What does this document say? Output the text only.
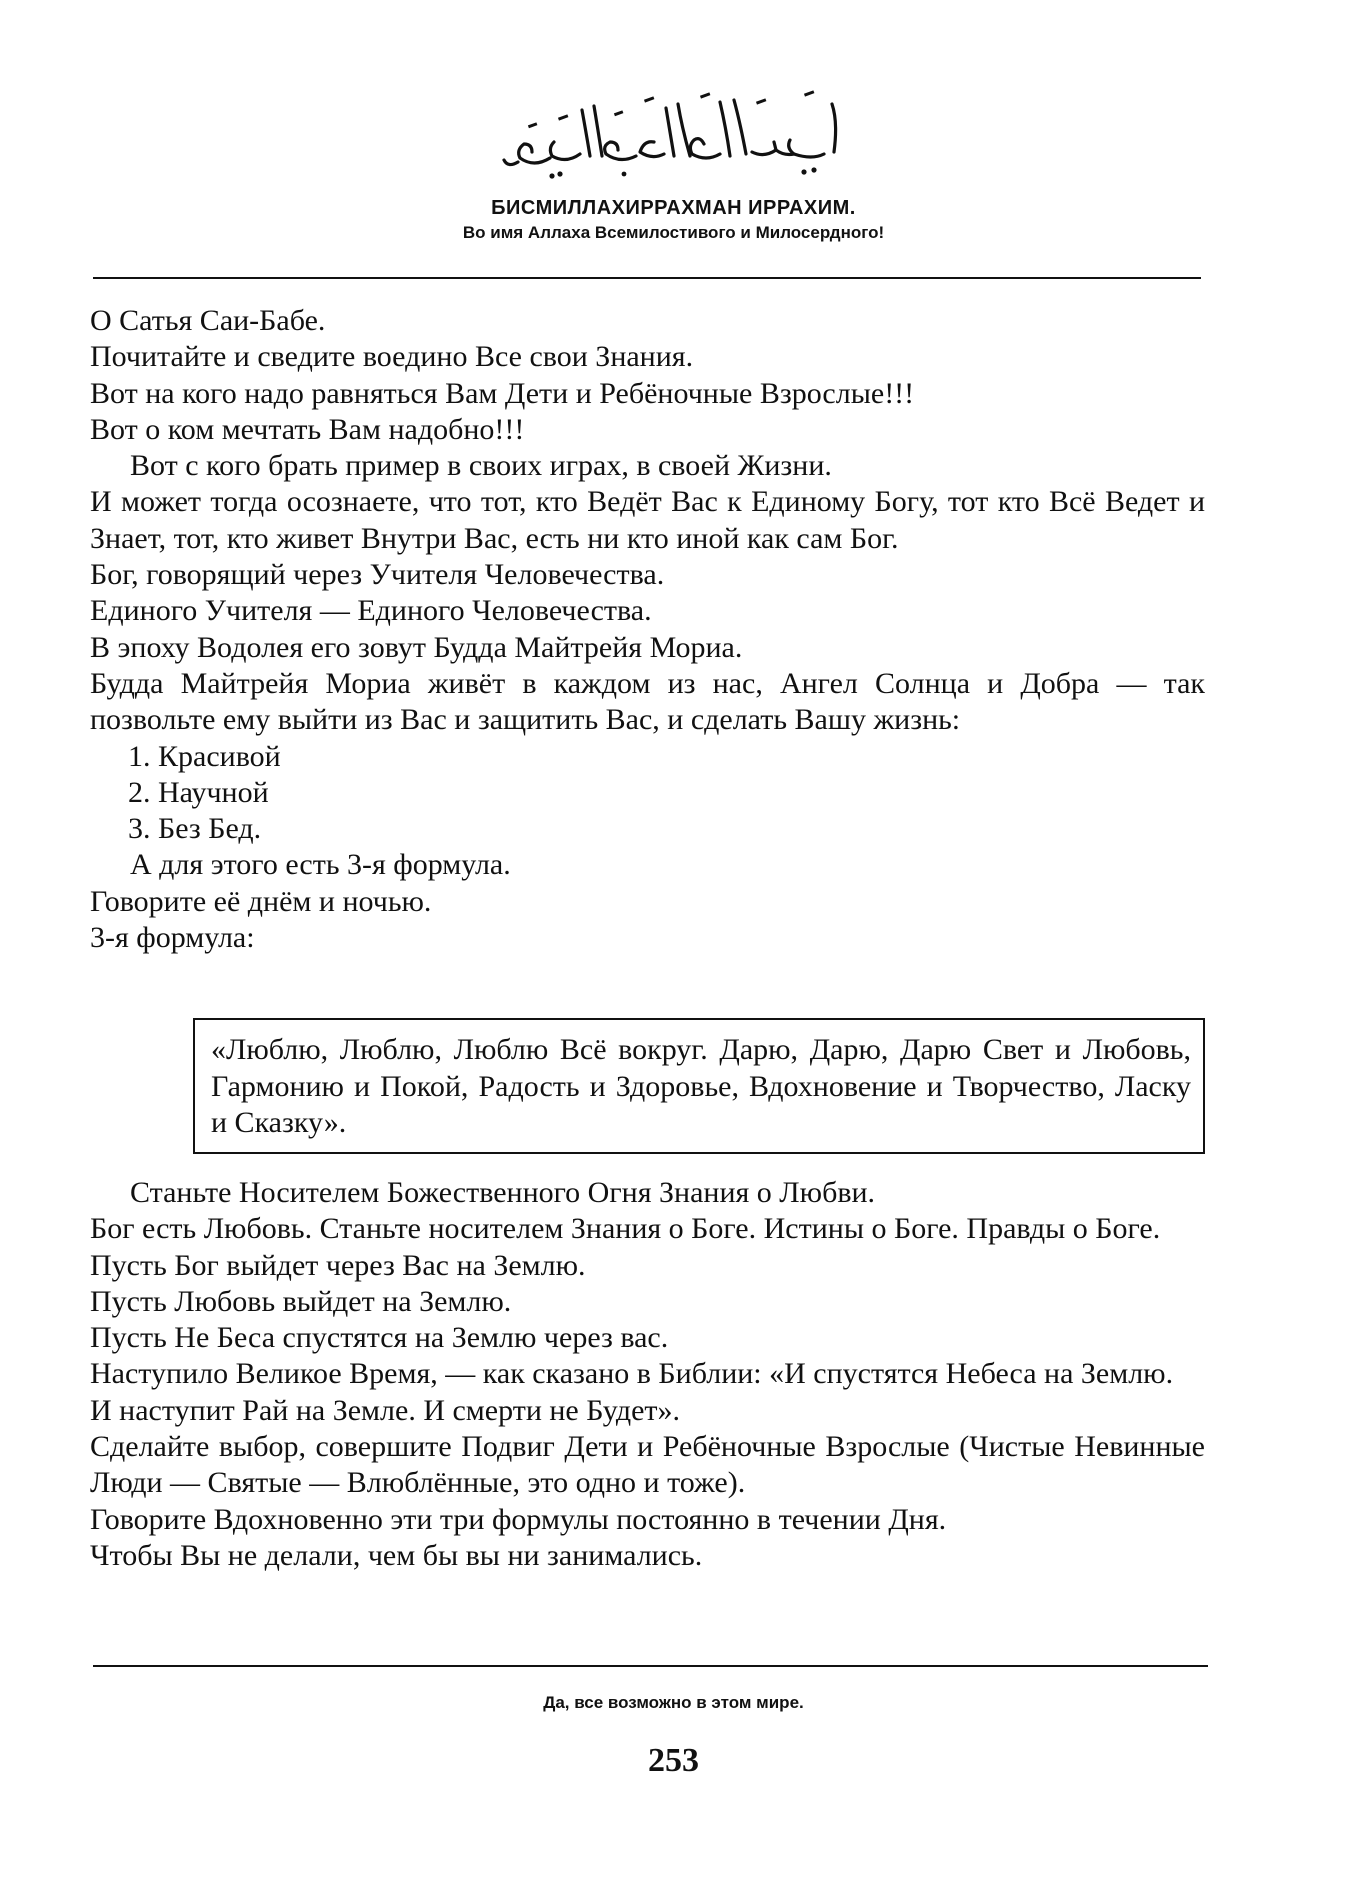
БИСМИЛЛАХИРРАХМАН ИРРАХИМ.
Во имя Аллаха Всемилостивого и Милосердного!

О Сатья Саи-Бабе.

Почитайте и сведите воедино Все свои Знания.

Вот на кого надо равняться Вам Дети и Ребёночные Взрослые!!!

Вот о ком мечтать Вам надобно!!!

Вот с кого брать пример в своих играх, в своей Жизни.

И может тогда осознаете, что тот, кто Ведёт Вас к Единому Богу, тот кто Всё Ведет и Знает, тот, кто живет Внутри Вас, есть ни кто иной как сам Бог.

Бог, говорящий через Учителя Человечества.

Единого Учителя — Единого Человечества.

В эпоху Водолея его зовут Будда Майтрейя Мориа.

Будда Майтрейя Мориа живёт в каждом из нас, Ангел Солнца и Добра — так позвольте ему выйти из Вас и защитить Вас, и сделать Вашу жизнь:

1. Красивой
2. Научной
3. Без Бед.

А для этого есть 3-я формула.

Говорите её днём и ночью.

3-я формула:

«Люблю, Люблю, Люблю Всё вокруг. Дарю, Дарю, Дарю Свет и Любовь, Гармонию и Покой, Радость и Здоровье, Вдохновение и Творчество, Ласку и Сказку».

Станьте Носителем Божественного Огня Знания о Любви.

Бог есть Любовь. Станьте носителем Знания о Боге. Истины о Боге. Правды о Боге.

Пусть Бог выйдет через Вас на Землю.

Пусть Любовь выйдет на Землю.

Пусть Не Беса спустятся на Землю через вас.

Наступило Великое Время, — как сказано в Библии: «И спустятся Небеса на Землю.

И наступит Рай на Земле. И смерти не Будет».

Сделайте выбор, совершите Подвиг Дети и Ребёночные Взрослые (Чистые Невинные Люди — Святые — Влюблённые, это одно и тоже).

Говорите Вдохновенно эти три формулы постоянно в течении Дня.

Чтобы Вы не делали, чем бы вы ни занимались.

Да, все возможно в этом мире.
253
